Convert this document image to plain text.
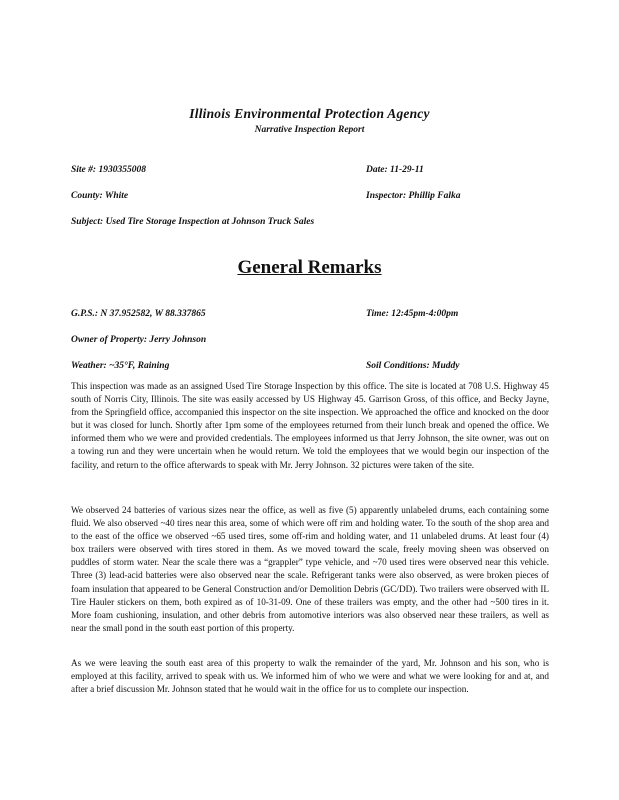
Illinois Environmental Protection Agency
Narrative Inspection Report
Site #: 1930355008	Date: 11-29-11
County: White	Inspector: Phillip Falka
Subject: Used Tire Storage Inspection at Johnson Truck Sales
General Remarks
G.P.S.: N 37.952582, W 88.337865	Time: 12:45pm-4:00pm
Owner of Property: Jerry Johnson
Weather: ~35°F, Raining	Soil Conditions: Muddy
This inspection was made as an assigned Used Tire Storage Inspection by this office. The site is located at 708 U.S. Highway 45 south of Norris City, Illinois. The site was easily accessed by US Highway 45. Garrison Gross, of this office, and Becky Jayne, from the Springfield office, accompanied this inspector on the site inspection. We approached the office and knocked on the door but it was closed for lunch. Shortly after 1pm some of the employees returned from their lunch break and opened the office. We informed them who we were and provided credentials. The employees informed us that Jerry Johnson, the site owner, was out on a towing run and they were uncertain when he would return. We told the employees that we would begin our inspection of the facility, and return to the office afterwards to speak with Mr. Jerry Johnson. 32 pictures were taken of the site.
We observed 24 batteries of various sizes near the office, as well as five (5) apparently unlabeled drums, each containing some fluid. We also observed ~40 tires near this area, some of which were off rim and holding water. To the south of the shop area and to the east of the office we observed ~65 used tires, some off-rim and holding water, and 11 unlabeled drums. At least four (4) box trailers were observed with tires stored in them. As we moved toward the scale, freely moving sheen was observed on puddles of storm water. Near the scale there was a “grappler” type vehicle, and ~70 used tires were observed near this vehicle. Three (3) lead-acid batteries were also observed near the scale. Refrigerant tanks were also observed, as were broken pieces of foam insulation that appeared to be General Construction and/or Demolition Debris (GC/DD). Two trailers were observed with IL Tire Hauler stickers on them, both expired as of 10-31-09. One of these trailers was empty, and the other had ~500 tires in it. More foam cushioning, insulation, and other debris from automotive interiors was also observed near these trailers, as well as near the small pond in the south east portion of this property.
As we were leaving the south east area of this property to walk the remainder of the yard, Mr. Johnson and his son, who is employed at this facility, arrived to speak with us. We informed him of who we were and what we were looking for and at, and after a brief discussion Mr. Johnson stated that he would wait in the office for us to complete our inspection.
